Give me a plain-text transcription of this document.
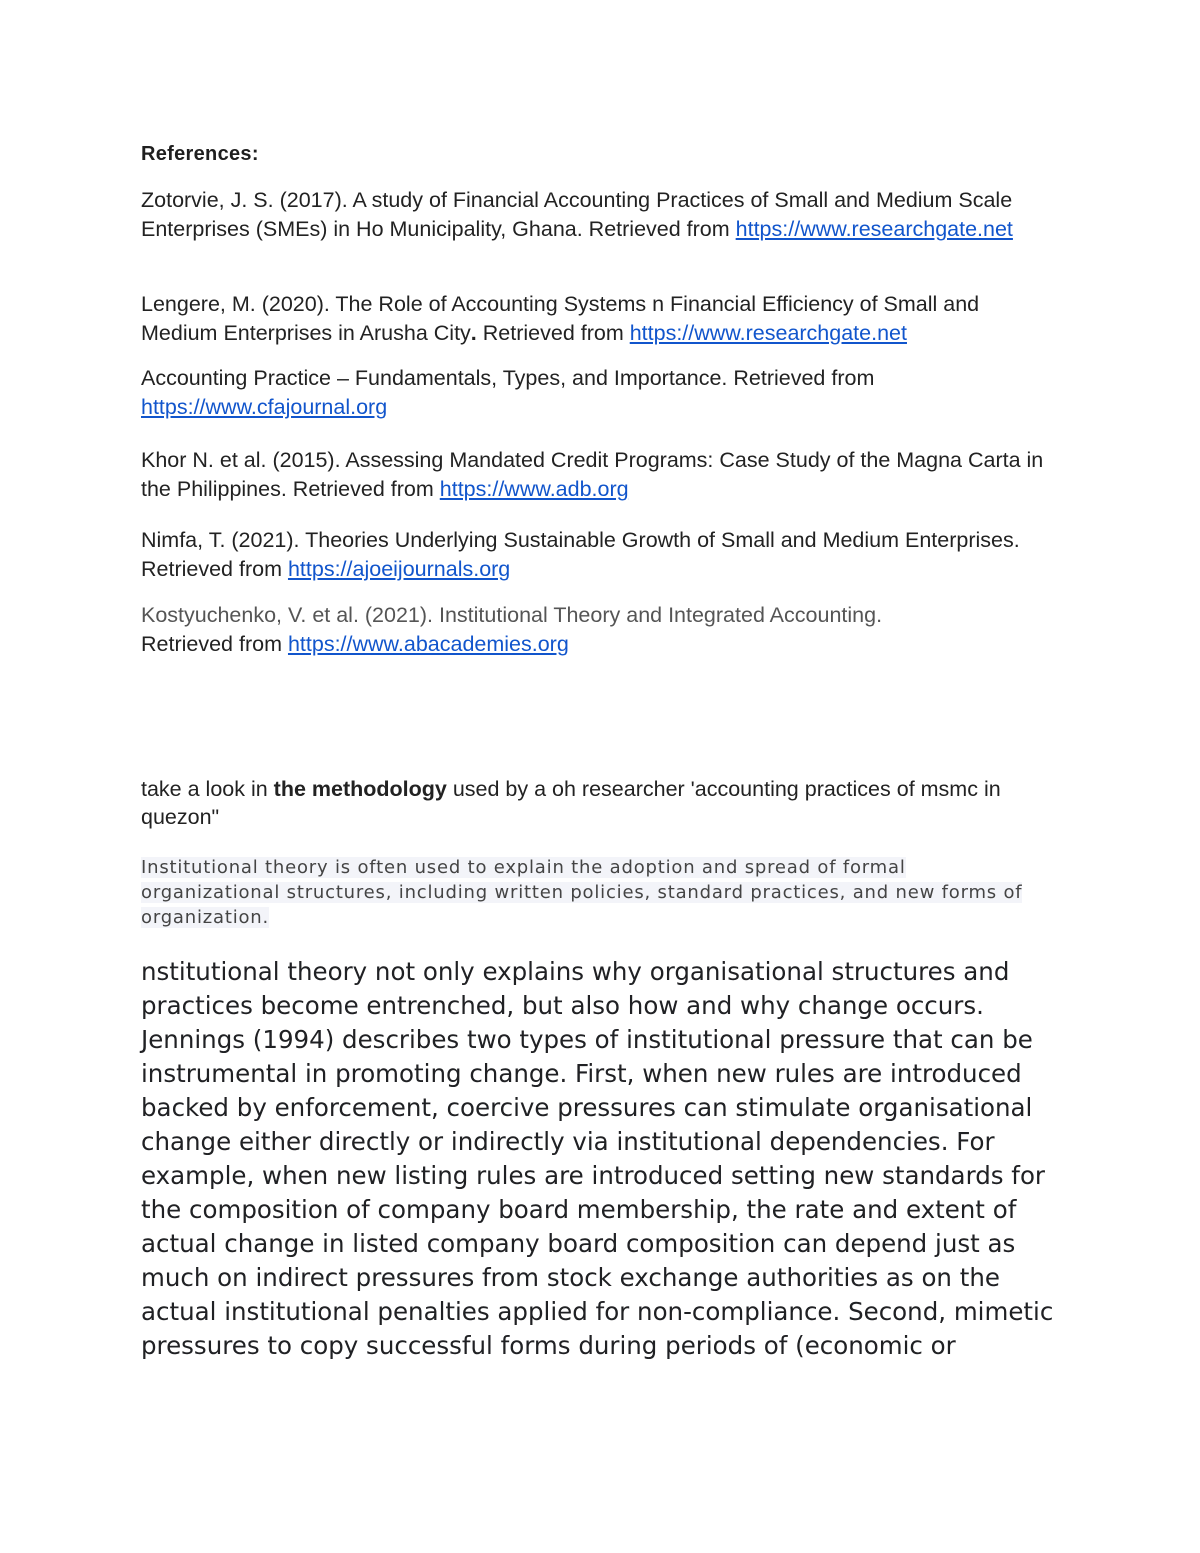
References:

Zotorvie, J. S. (2017). A study of Financial Accounting Practices of Small and Medium Scale Enterprises (SMEs) in Ho Municipality, Ghana. Retrieved from https://www.researchgate.net

Lengere, M. (2020). The Role of Accounting Systems n Financial Efficiency of Small and Medium Enterprises in Arusha City. Retrieved from https://www.researchgate.net

Accounting Practice – Fundamentals, Types, and Importance. Retrieved from https://www.cfajournal.org

Khor N. et al. (2015). Assessing Mandated Credit Programs: Case Study of the Magna Carta in the Philippines. Retrieved from https://www.adb.org

Nimfa, T. (2021). Theories Underlying Sustainable Growth of Small and Medium Enterprises. Retrieved from https://ajoeijournals.org

Kostyuchenko, V. et al. (2021). Institutional Theory and Integrated Accounting.
Retrieved from https://www.abacademies.org

take a look in the methodology used by a oh researcher 'accounting practices of msmc in quezon"

Institutional theory is often used to explain the adoption and spread of formal organizational structures, including written policies, standard practices, and new forms of organization.

nstitutional theory not only explains why organisational structures and practices become entrenched, but also how and why change occurs. Jennings (1994) describes two types of institutional pressure that can be instrumental in promoting change. First, when new rules are introduced backed by enforcement, coercive pressures can stimulate organisational change either directly or indirectly via institutional dependencies. For example, when new listing rules are introduced setting new standards for the composition of company board membership, the rate and extent of actual change in listed company board composition can depend just as much on indirect pressures from stock exchange authorities as on the actual institutional penalties applied for non-compliance. Second, mimetic pressures to copy successful forms during periods of (economic or
